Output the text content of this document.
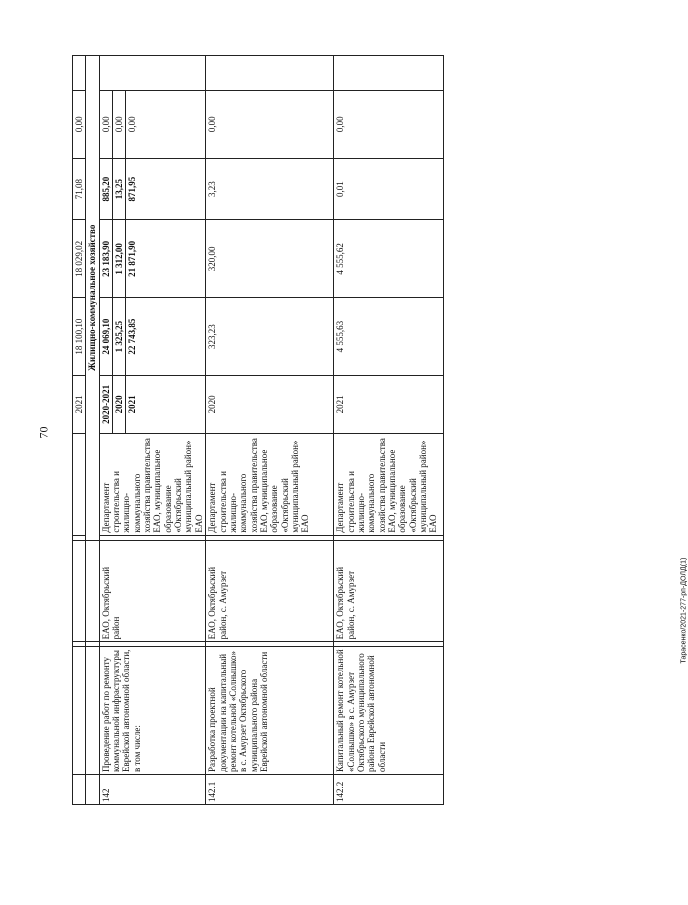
70
Тарасенко/2021-277-рп-ДОЛД(1)
						2021	18 100,10	18 029,02	71,08	0,00	
				Жилищно-коммунальное хозяйство							
142	Проведение работ по ремонту коммунальной инфраструктуры Еврейской автономной области, в том числе:		ЕАО, Октябрьский район		Департамент строительства и жилищно-коммунального хозяйства правительства ЕАО, муниципальное образование «Октябрьский муниципальный район» ЕАО	2020-2021	24 069,10	23 183,90	885,20	0,00	
						2020	1 325,25	1 312,00	13,25	0,00	
						2021	22 743,85	21 871,90	871,95	0,00	
142.1	Разработка проектной документации на капитальный ремонт котельной «Солнышко» в с. Амурзет Октябрьского муниципального района Еврейской автономной области		ЕАО, Октябрьский район, с. Амурзет		Департамент строительства и жилищно-коммунального хозяйства правительства ЕАО, муниципальное образование «Октябрьский муниципальный район» ЕАО	2020	323,23	320,00	3,23	0,00	
142.2	Капитальный ремонт котельной «Солнышко» в с. Амурзет Октябрьского муниципального района Еврейской автономной области		ЕАО, Октябрьский район, с. Амурзет		Департамент строительства и жилищно-коммунального хозяйства правительства ЕАО, муниципальное образование «Октябрьский муниципальный район» ЕАО	2021	4 555,63	4 555,62	0,01	0,00	
